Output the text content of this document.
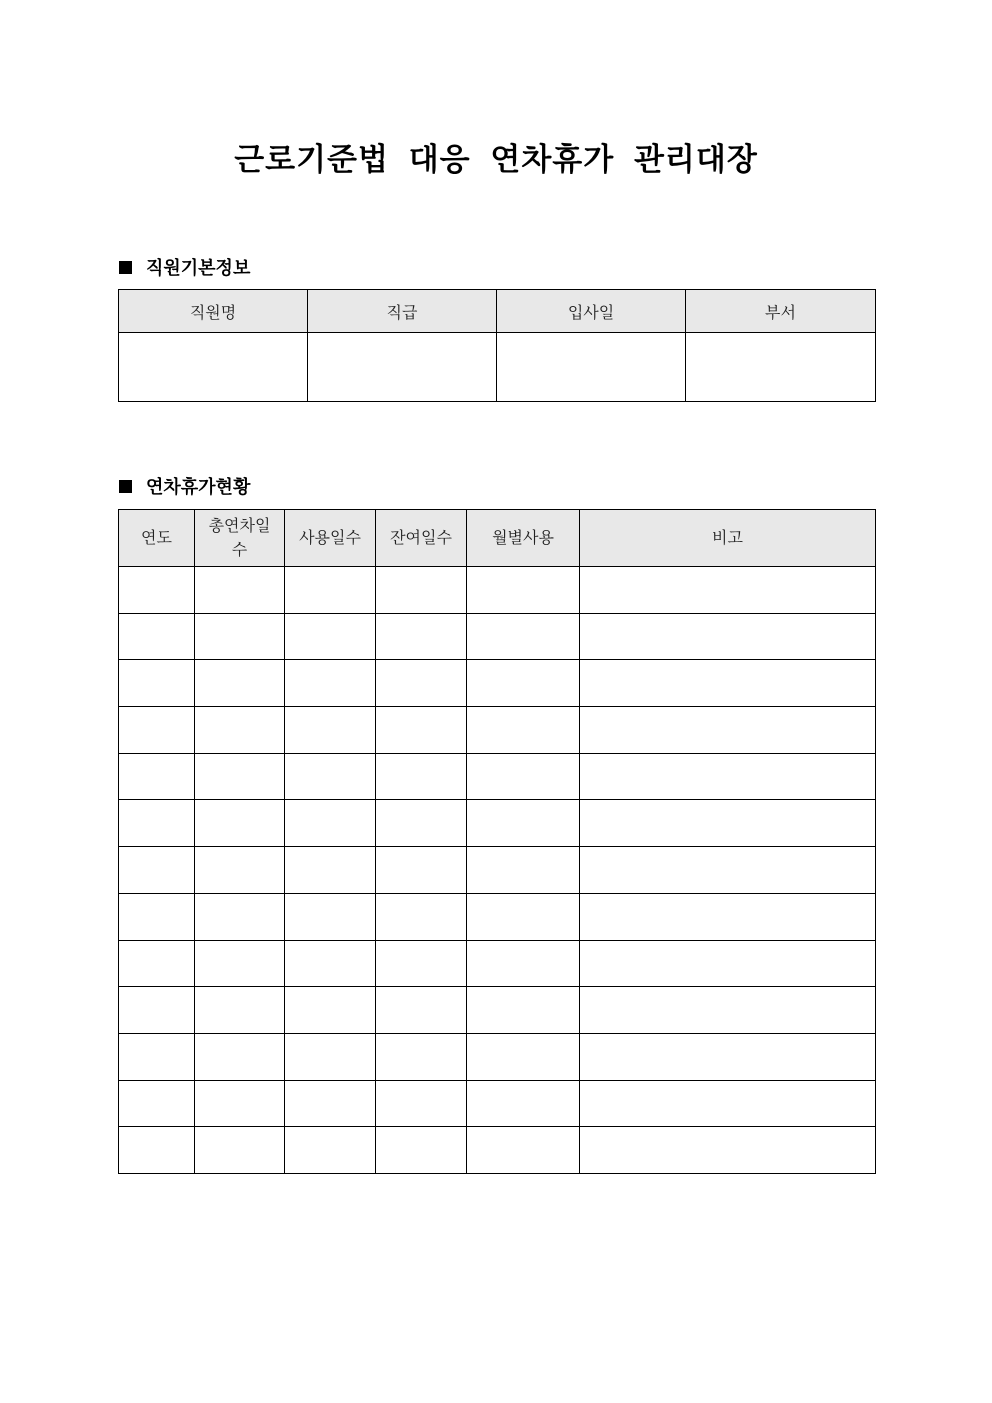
근로기준법 대응 연차휴가 관리대장
직원기본정보
직원명	직급	입사일	부서

연차휴가현황
연도	총연차일수	사용일수	잔여일수	월별사용	비고
